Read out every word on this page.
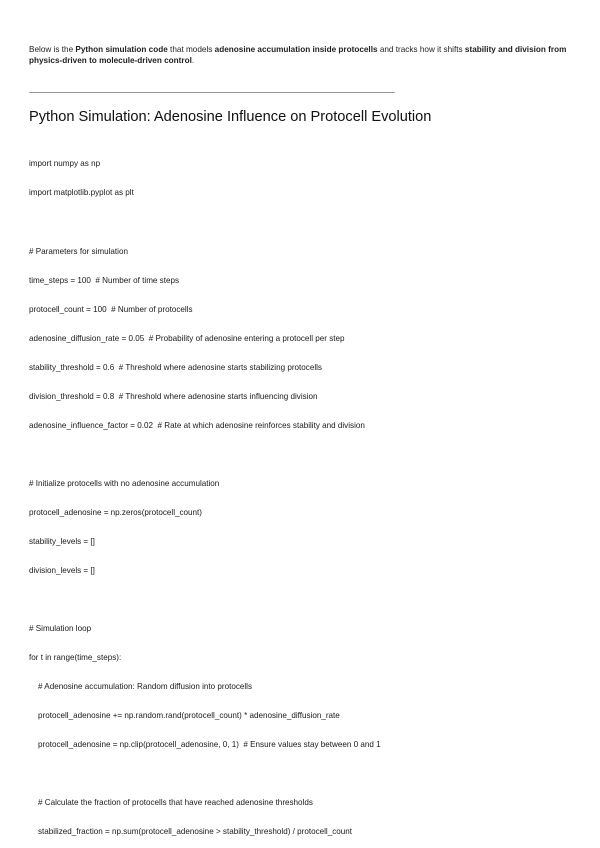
Below is the Python simulation code that models adenosine accumulation inside protocells and tracks how it shifts stability and division from physics-driven to molecule-driven control.

Python Simulation: Adenosine Influence on Protocell Evolution

import numpy as np

import matplotlib.pyplot as plt

# Parameters for simulation

time_steps = 100  # Number of time steps

protocell_count = 100  # Number of protocells

adenosine_diffusion_rate = 0.05  # Probability of adenosine entering a protocell per step

stability_threshold = 0.6  # Threshold where adenosine starts stabilizing protocells

division_threshold = 0.8  # Threshold where adenosine starts influencing division

adenosine_influence_factor = 0.02  # Rate at which adenosine reinforces stability and division

# Initialize protocells with no adenosine accumulation

protocell_adenosine = np.zeros(protocell_count)

stability_levels = []

division_levels = []

# Simulation loop

for t in range(time_steps):

# Adenosine accumulation: Random diffusion into protocells

protocell_adenosine += np.random.rand(protocell_count) * adenosine_diffusion_rate

protocell_adenosine = np.clip(protocell_adenosine, 0, 1)  # Ensure values stay between 0 and 1

# Calculate the fraction of protocells that have reached adenosine thresholds

stabilized_fraction = np.sum(protocell_adenosine > stability_threshold) / protocell_count
